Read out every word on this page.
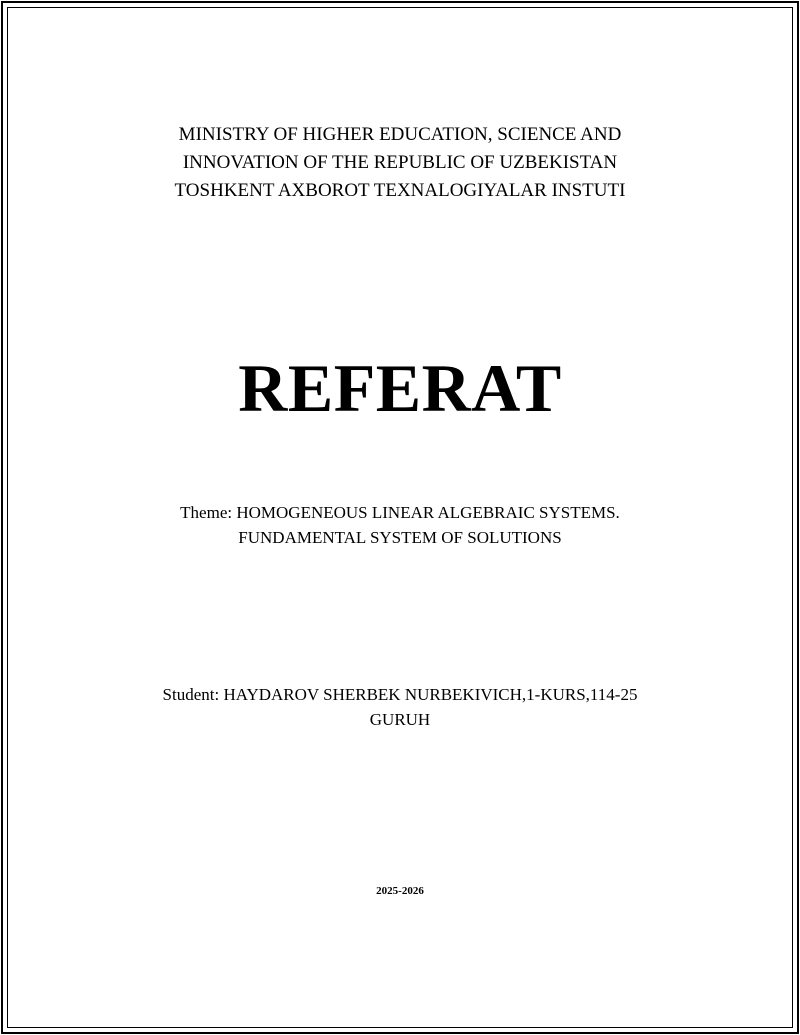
MINISTRY OF HIGHER EDUCATION, SCIENCE AND
INNOVATION OF THE REPUBLIC OF UZBEKISTAN
TOSHKENT AXBOROT TEXNALOGIYALAR INSTUTI
REFERAT
Theme: HOMOGENEOUS LINEAR ALGEBRAIC SYSTEMS.
FUNDAMENTAL SYSTEM OF SOLUTIONS
Student: HAYDAROV SHERBEK NURBEKIVICH,1-KURS,114-25
GURUH
2025-2026
